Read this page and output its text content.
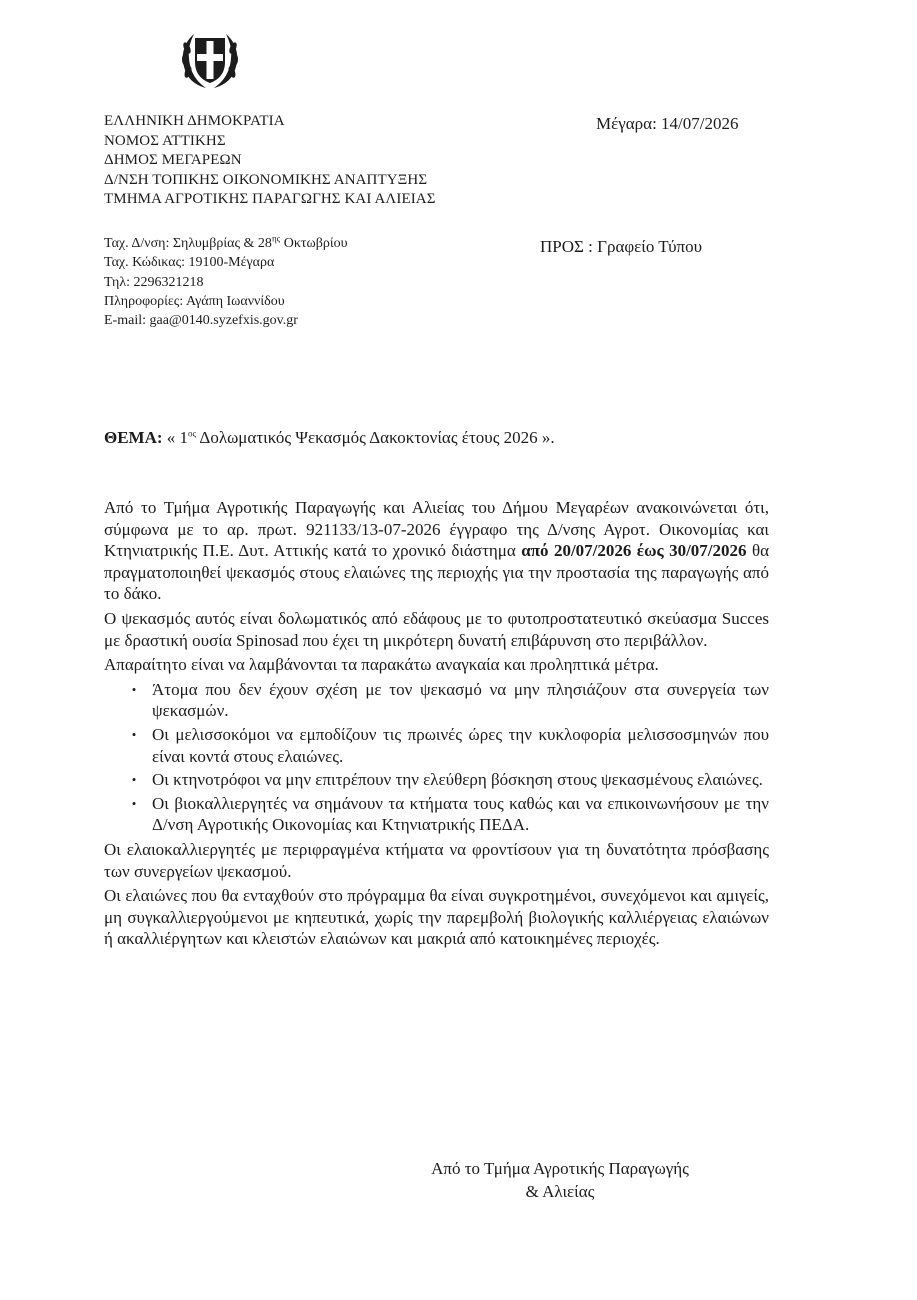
ΕΛΛΗΝΙΚΗ ΔΗΜΟΚΡΑΤΙΑ
ΝΟΜΟΣ ΑΤΤΙΚΗΣ
ΔΗΜΟΣ ΜΕΓΑΡΕΩΝ
Δ/ΝΣΗ ΤΟΠΙΚΗΣ ΟΙΚΟΝΟΜΙΚΗΣ ΑΝΑΠΤΥΞΗΣ
ΤΜΗΜΑ ΑΓΡΟΤΙΚΗΣ ΠΑΡΑΓΩΓΗΣ ΚΑΙ ΑΛΙΕΙΑΣ
Μέγαρα: 14/07/2026
Ταχ. Δ/νση: Σηλυμβρίας & $28^{\eta\varsigma}$ Οκτωβρίου
Ταχ. Κώδικας: 19100-Μέγαρα
Τηλ: 2296321218
Πληροφορίες: Αγάπη Ιωαννίδου
E-mail: gaa@0140.syzefxis.gov.gr
ΠΡΟΣ : Γραφείο Τύπου
ΘΕΜΑ: « $1^{o\varsigma}$ Δολωματικός Ψεκασμός Δακοκτονίας έτους 2026 ».

Από το Τμήμα Αγροτικής Παραγωγής και Αλιείας του Δήμου Μεγαρέων ανακοινώνεται ότι, σύμφωνα με το αρ. πρωτ. 921133/13-07-2026 έγγραφο της Δ/νσης Αγροτ. Οικονομίας και Κτηνιατρικής Π.Ε. Δυτ. Αττικής κατά το χρονικό διάστημα από 20/07/2026 έως 30/07/2026 θα πραγματοποιηθεί ψεκασμός στους ελαιώνες της περιοχής για την προστασία της παραγωγής από το δάκο.

Ο ψεκασμός αυτός είναι δολωματικός από εδάφους με το φυτοπροστατευτικό σκεύασμα Succes με δραστική ουσία Spinosad που έχει τη μικρότερη δυνατή επιβάρυνση στο περιβάλλον.

Απαραίτητο είναι να λαμβάνονται τα παρακάτω αναγκαία και προληπτικά μέτρα.

• Άτομα που δεν έχουν σχέση με τον ψεκασμό να μην πλησιάζουν στα συνεργεία των ψεκασμών.
• Οι μελισσοκόμοι να εμποδίζουν τις πρωινές ώρες την κυκλοφορία μελισσοσμηνών που είναι κοντά στους ελαιώνες.
• Οι κτηνοτρόφοι να μην επιτρέπουν την ελεύθερη βόσκηση στους ψεκασμένους ελαιώνες.
• Οι βιοκαλλιεργητές να σημάνουν τα κτήματα τους καθώς και να επικοινωνήσουν με την Δ/νση Αγροτικής Οικονομίας και Κτηνιατρικής ΠΕΔΑ.

Οι ελαιοκαλλιεργητές με περιφραγμένα κτήματα να φροντίσουν για τη δυνατότητα πρόσβασης των συνεργείων ψεκασμού.

Οι ελαιώνες που θα ενταχθούν στο πρόγραμμα θα είναι συγκροτημένοι, συνεχόμενοι και αμιγείς, μη συγκαλλιεργούμενοι με κηπευτικά, χωρίς την παρεμβολή βιολογικής καλλιέργειας ελαιώνων ή ακαλλιέργητων και κλειστών ελαιώνων και μακριά από κατοικημένες περιοχές.

Από το Τμήμα Αγροτικής Παραγωγής
& Αλιείας
